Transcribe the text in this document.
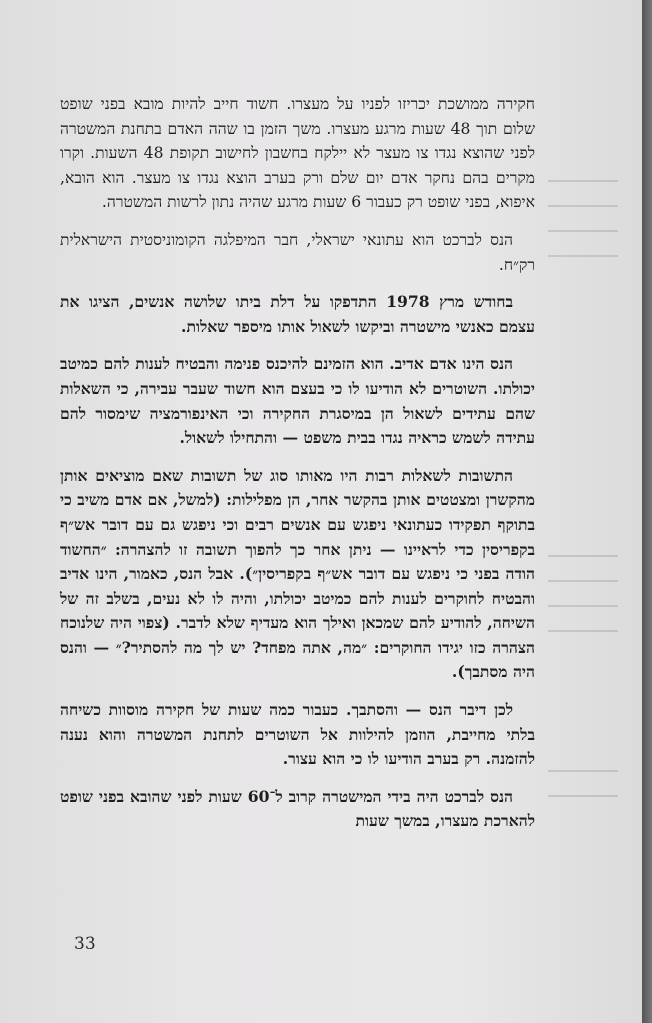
חקירה ממושכת יכריזו לפניו על מעצרו. חשוד חייב להיות מובא בפני שופט שלום תוך 48 שעות מרגע מעצרו. משך הזמן בו שהה האדם בתחנת המשטרה לפני שהוצא נגדו צו מעצר לא יילקח בחשבון לחישוב תקופת 48 השעות. וקרו מקרים בהם נחקר אדם יום שלם ורק בערב הוצא נגדו צו מעצר. הוא הובא, איפוא, בפני שופט רק כעבור 6 שעות מרגע שהיה נתון לרשות המשטרה.

הנס לברכט הוא עתונאי ישראלי, חבר המיפלגה הקומוניסטית הישראלית רק״ח.

בחודש מרץ 1978 התדפקו על דלת ביתו שלושה אנשים, הציגו את עצמם כאנשי מישטרה וביקשו לשאול אותו מיספר שאלות.

הנס הינו אדם אדיב. הוא הזמינם להיכנס פנימה והבטיח לענות להם כמיטב יכולתו. השוטרים לא הודיעו לו כי בעצם הוא חשוד שעבר עבירה, כי השאלות שהם עתידים לשאול הן במיסגרת החקירה וכי האינפורמציה שימסור להם עתידה לשמש כראיה נגדו בבית משפט — והתחילו לשאול.

התשובות לשאלות רבות היו מאותו סוג של תשובות שאם מוציאים אותן מהקשרן ומצטטים אותן בהקשר אחר, הן מפלילות: (למשל, אם אדם משיב כי בתוקף תפקידו כעתונאי ניפגש עם אנשים רבים וכי ניפגש גם עם דובר אש״ף בקפריסין כדי לראיינו — ניתן אחר כך להפוך תשובה זו להצהרה: ״החשוד הודה בפני כי ניפגש עם דובר אש״ף בקפריסין״). אבל הנס, כאמור, הינו אדיב והבטיח לחוקרים לענות להם כמיטב יכולתו, והיה לו לא נעים, בשלב זה של השיחה, להודיע להם שמכאן ואילך הוא מעדיף שלא לדבר. (צפוי היה שלנוכח הצהרה כזו יגידו החוקרים: ״מה, אתה מפחד? יש לך מה להסתיר?״ — והנס היה מסתבך).

לכן דיבר הנס — והסתבך. כעבור כמה שעות של חקירה מוסוות כשיחה בלתי מחייבת, הוזמן להילוות אל השוטרים לתחנת המשטרה והוא נענה להזמנה. רק בערב הודיעו לו כי הוא עצור.

הנס לברכט היה בידי המישטרה קרוב ל־60 שעות לפני שהובא בפני שופט להארכת מעצרו, במשך שעות

33
